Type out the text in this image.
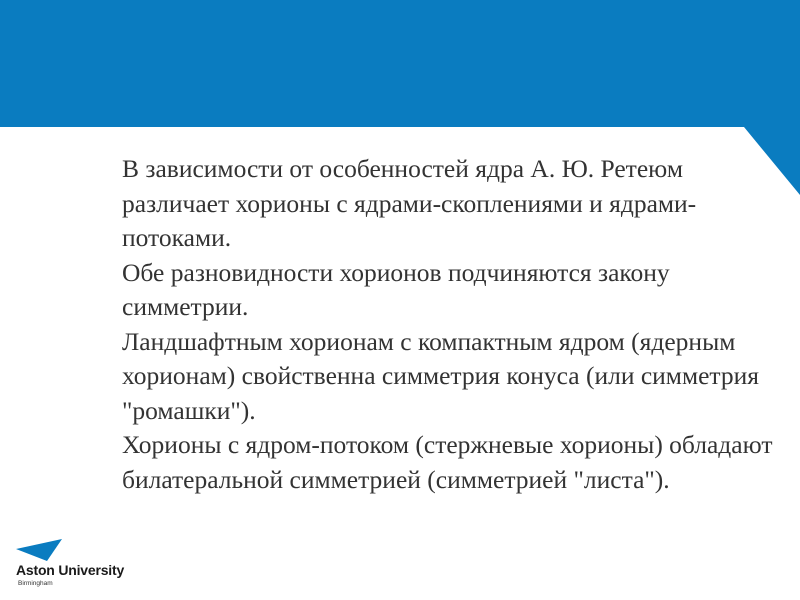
В зависимости от особенностей ядра А. Ю. Ретеюм различает хорионы с ядрами-скоплениями и ядрами-потоками.

Обе разновидности хорионов подчиняются закону симметрии.

Ландшафтным хорионам с компактным ядром (ядерным хорионам) свойственна симметрия конуса (или симметрия "ромашки").

Хорионы с ядром-потоком (стержневые хорионы) обладают билатеральной симметрией (симметрией "листа").

Aston University
Birmingham
